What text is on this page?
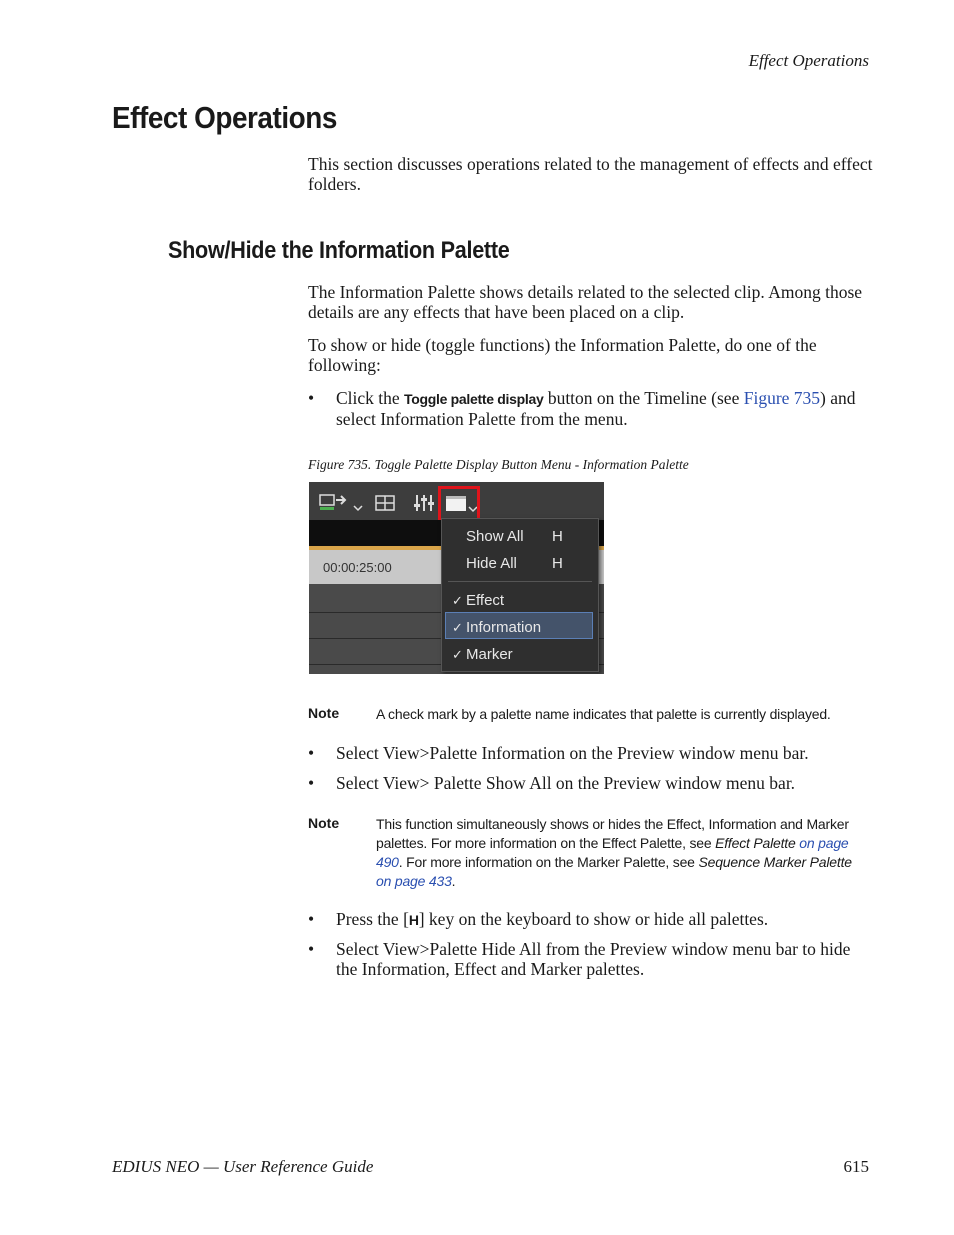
Effect Operations
Effect Operations
This section discusses operations related to the management of effects and effect folders.
Show/Hide the Information Palette
The Information Palette shows details related to the selected clip. Among those details are any effects that have been placed on a clip.
To show or hide (toggle functions) the Information Palette, do one of the following:
• Click the Toggle palette display button on the Timeline (see Figure 735) and select Information Palette from the menu.
Figure 735. Toggle Palette Display Button Menu - Information Palette
00:00:25:00
Show All H
Hide All H
✓ Effect
✓ Information
✓ Marker
Note	A check mark by a palette name indicates that palette is currently displayed.
• Select View>Palette Information on the Preview window menu bar.
• Select View> Palette Show All on the Preview window menu bar.
Note	This function simultaneously shows or hides the Effect, Information and Marker palettes. For more information on the Effect Palette, see Effect Palette on page 490. For more information on the Marker Palette, see Sequence Marker Palette on page 433.
• Press the [H] key on the keyboard to show or hide all palettes.
• Select View>Palette Hide All from the Preview window menu bar to hide the Information, Effect and Marker palettes.
EDIUS NEO — User Reference Guide	615
